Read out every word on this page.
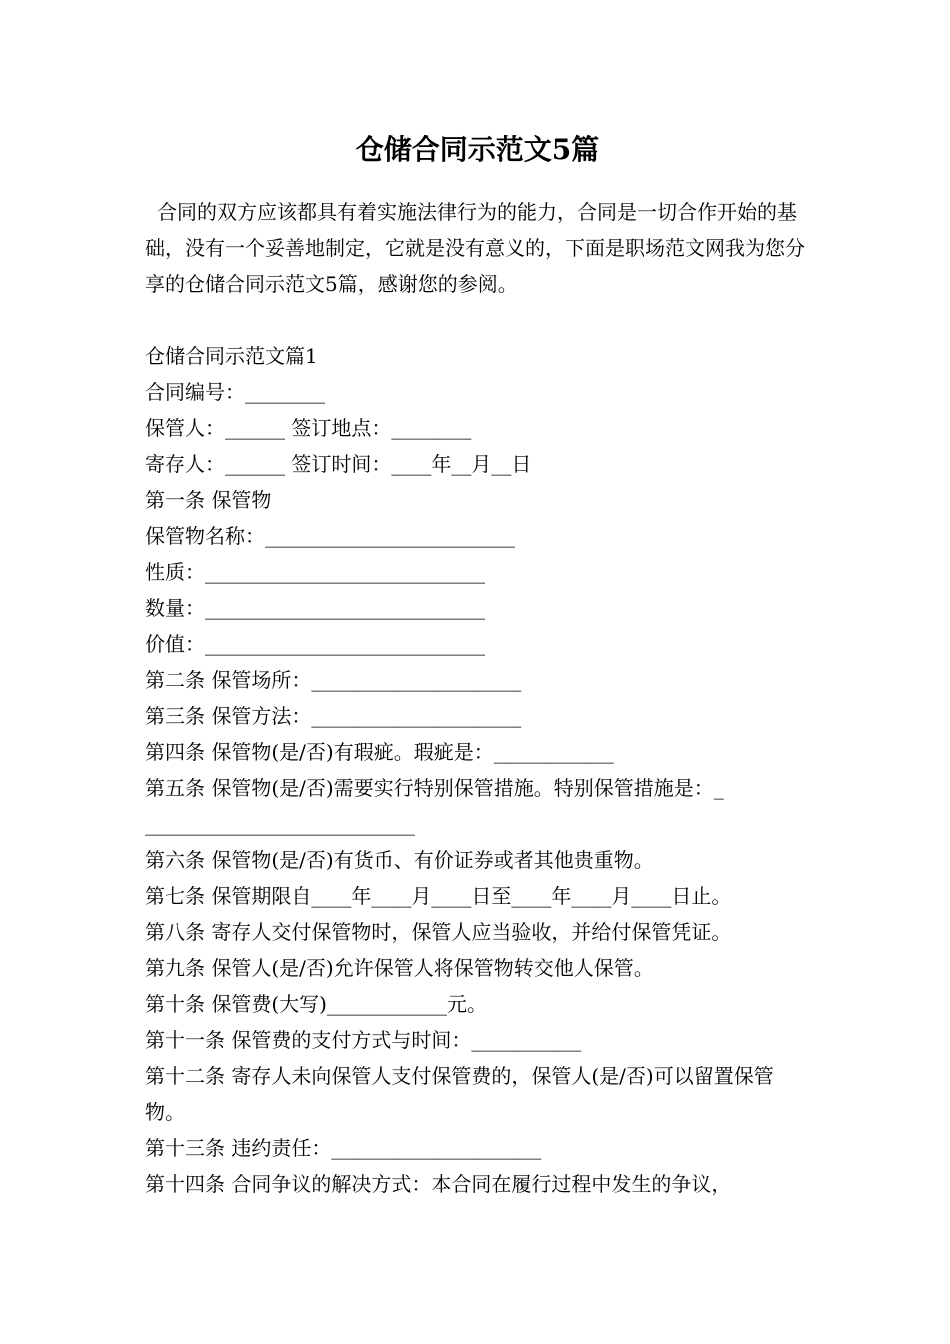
仓储合同示范文5篇
合同的双方应该都具有着实施法律行为的能力，合同是一切合作开始的基础，没有一个妥善地制定，它就是没有意义的，下面是职场范文网我为您分享的仓储合同示范文5篇，感谢您的参阅。
仓储合同示范文篇1
合同编号：________
保管人：______ 签订地点：________
寄存人：______ 签订时间：____年__月__日
第一条 保管物
保管物名称：_________________________
性质：____________________________
数量：____________________________
价值：____________________________
第二条 保管场所：_____________________
第三条 保管方法：_____________________
第四条 保管物(是/否)有瑕疵。瑕疵是：____________
第五条 保管物(是/否)需要实行特别保管措施。特别保管措施是：_
___________________________
第六条 保管物(是/否)有货币、有价证券或者其他贵重物。
第七条 保管期限自____年____月____日至____年____月____日止。
第八条 寄存人交付保管物时，保管人应当验收，并给付保管凭证。
第九条 保管人(是/否)允许保管人将保管物转交他人保管。
第十条 保管费(大写)____________元。
第十一条 保管费的支付方式与时间：___________
第十二条 寄存人未向保管人支付保管费的，保管人(是/否)可以留置保管物。
第十三条 违约责任：_____________________
第十四条 合同争议的解决方式：本合同在履行过程中发生的争议，
